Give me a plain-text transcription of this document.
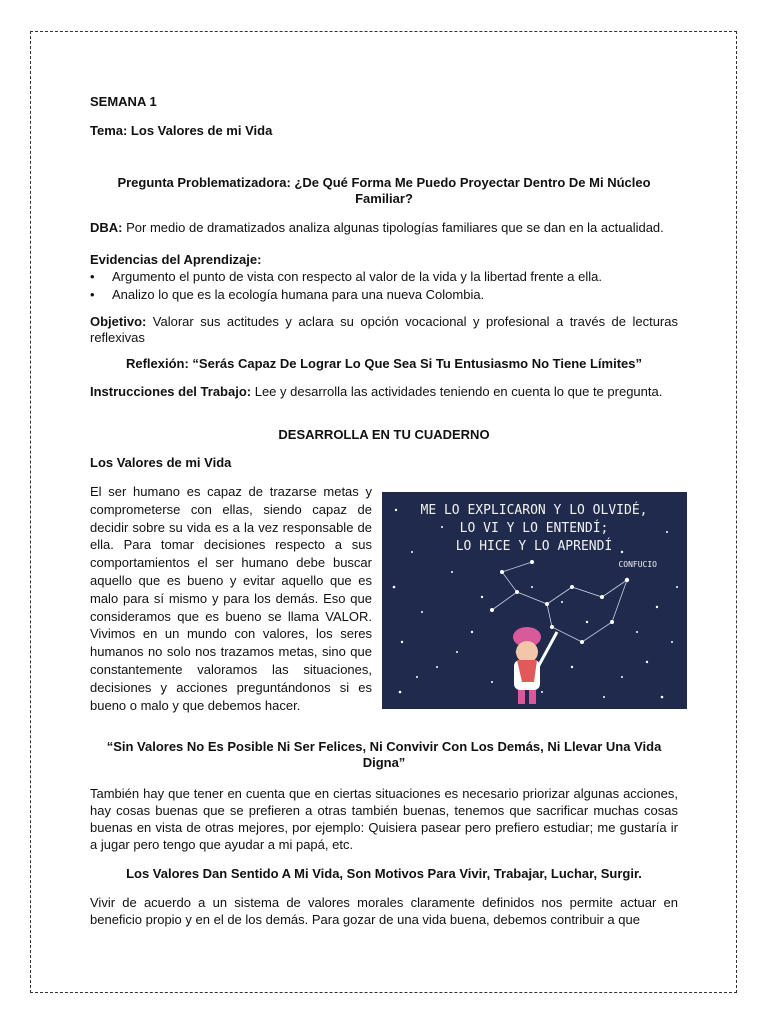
SEMANA 1

Tema: Los Valores de mi Vida

Pregunta Problematizadora: ¿De Qué Forma Me Puedo Proyectar Dentro De Mi Núcleo Familiar?

DBA: Por medio de dramatizados analiza algunas tipologías familiares que se dan en la actualidad.

Evidencias del Aprendizaje:

• Argumento el punto de vista con respecto al valor de la vida y la libertad frente a ella.
• Analizo lo que es la ecología humana para una nueva Colombia.

Objetivo: Valorar sus actitudes y aclara su opción vocacional y profesional a través de lecturas reflexivas

Reflexión: “Serás Capaz De Lograr Lo Que Sea Si Tu Entusiasmo No Tiene Límites”

Instrucciones del Trabajo: Lee y desarrolla las actividades teniendo en cuenta lo que te pregunta.

DESARROLLA EN TU CUADERNO

Los Valores de mi Vida

El ser humano es capaz de trazarse metas y comprometerse con ellas, siendo capaz de decidir sobre su vida es a la vez responsable de ella. Para tomar decisiones respecto a sus comportamientos el ser humano debe buscar aquello que es bueno y evitar aquello que es malo para sí mismo y para los demás. Eso que consideramos que es bueno se llama VALOR. Vivimos en un mundo con valores, los seres humanos no solo nos trazamos metas, sino que constantemente valoramos las situaciones, decisiones y acciones preguntándonos si es bueno o malo y que debemos hacer.

ME LO EXPLICARON Y LO OLVIDÉ,
LO VI Y LO ENTENDÍ;
LO HICE Y LO APRENDÍ
CONFUCIO

“Sin Valores No Es Posible Ni Ser Felices, Ni Convivir Con Los Demás, Ni Llevar Una Vida Digna”

También hay que tener en cuenta que en ciertas situaciones es necesario priorizar algunas acciones, hay cosas buenas que se prefieren a otras también buenas, tenemos que sacrificar muchas cosas buenas en vista de otras mejores, por ejemplo: Quisiera pasear pero prefiero estudiar; me gustaría ir a jugar pero tengo que ayudar a mi papá, etc.

Los Valores Dan Sentido A Mi Vida, Son Motivos Para Vivir, Trabajar, Luchar, Surgir.

Vivir de acuerdo a un sistema de valores morales claramente definidos nos permite actuar en beneficio propio y en el de los demás. Para gozar de una vida buena, debemos contribuir a que
